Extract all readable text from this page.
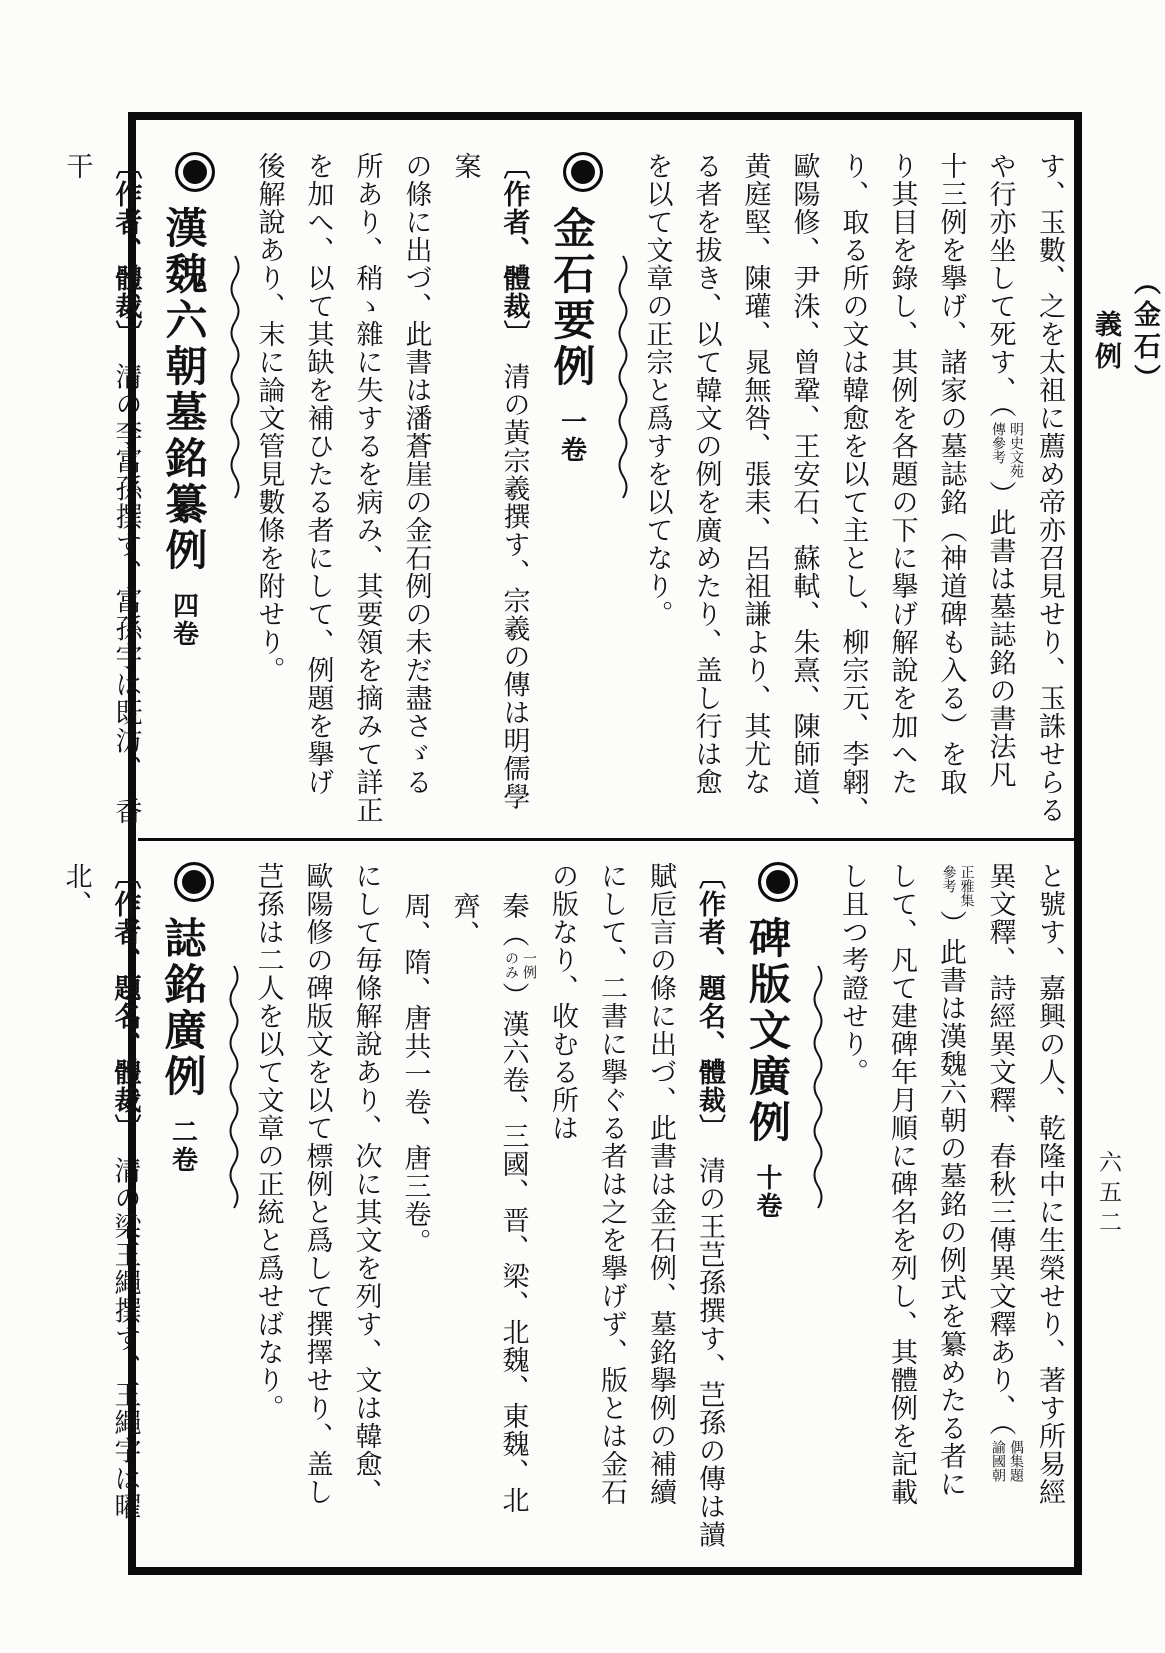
（金石）
義例
六五二
す、玉數、之を太祖に薦め帝亦召見せり、玉誅せらる
や行亦坐して死す、（
明史文苑
傳參考
）此書は墓誌銘の書法凡
十三例を擧げ、諸家の墓誌銘（神道碑も入る）を取
り其目を錄し、其例を各題の下に擧げ解說を加へた
り、取る所の文は韓愈を以て主とし、柳宗元、李翶、
歐陽修、尹洙、曾鞏、王安石、蘇軾、朱熹、陳師道、
黄庭堅、陳瓘、晁無咎、張耒、呂祖謙より、其尤な
る者を拔き、以て韓文の例を廣めたり、盖し行は愈
を以て文章の正宗と爲すを以てなり。
金石要例一卷
〔作者、體裁〕　清の黃宗羲撰す、宗羲の傳は明儒學案
の條に出づ、此書は潘蒼崖の金石例の未だ盡さゞる
所あり、稍ゝ雜に失するを病み、其要領を摘みて詳正
を加へ、以て其缺を補ひたる者にして、例題を擧げ
後解說あり、末に論文管見數條を附せり。
漢魏六朝墓銘纂例四卷
〔作者、體裁〕　清の李富孫撰す、富孫字は既汸、　香干
と號す、嘉興の人、乾隆中に生榮せり、著す所易經
異文釋、詩經異文釋、春秋三傳異文釋あり、（
偶集題
諭國朝
正雅集
參考
）此書は漢魏六朝の墓銘の例式を纂めたる者に
して、凡て建碑年月順に碑名を列し、其體例を記載
し且つ考證せり。
碑版文廣例十卷
〔作者、題名、體裁〕　清の王芑孫撰す、芑孫の傳は讀
賦卮言の條に出づ、此書は金石例、墓銘擧例の補續
にして、二書に擧ぐる者は之を擧げず、版とは金石
の版なり、收むる所は
秦（
一例
のみ
）漢六卷、三國、晋、梁、北魏、東魏、北齊、
周、隋、唐共一卷、唐三卷。
にして毎條解說あり、次に其文を列す、文は韓愈、
歐陽修の碑版文を以て標例と爲して撰擇せり、盖し
芑孫は二人を以て文章の正統と爲せばなり。
誌銘廣例二卷
〔作者、題名、體裁〕　清の梁玉繩撰す、玉繩字は曜北、
